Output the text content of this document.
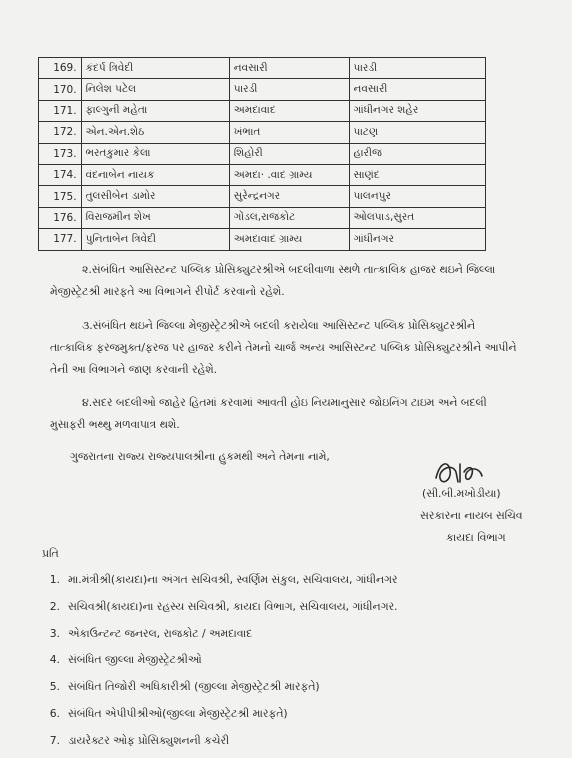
169.	કંદર્પ ત્રિવેદી	નવસારી	પારડી
170.	નિલેશ પટેલ	પારડી	નવસારી
171.	ફાલ્ગુની મહેતા	અમદાવાદ	ગાંધીનગર શહેર
172.	એન.એન.શેઠ	ખંભાત	પાટણ
173.	ભરતકુમાર કેલા	શિહોરી	હારીજ
174.	વંદનાબેન નાયક	અમદા· .વાદ ગ્રામ્ય	સાણંદ
175.	તુલસીબેન ડામોર	સુરેન્દ્રનગર	પાલનપુર
176.	વિરાજમીન શેખ	ગોંડલ,રાજકોટ	ઓલપાડ,સુરત
177.	પુનિતાબેન ત્રિવેદી	અમદાવાદ ગ્રામ્ય	ગાંધીનગર

૨.સંબંધિત આસિસ્ટન્ટ પબ્લિક પ્રોસિક્યુટરશ્રીએ બદલીવાળા સ્થળે તાત્કાલિક હાજર થઇને જિલ્લા મેજીસ્ટ્રેટશ્રી મારફતે આ વિભાગને રીપોર્ટ કરવાનો રહેશે.

૩.સંબંધિત થઇને જિલ્લા મેજીસ્ટ્રેટશ્રીએ બદલી કરાયેલા આસિસ્ટન્ટ પબ્લિક પ્રોસિક્યુટરશ્રીને તાત્કાલિક ફરજમુક્ત/ફરજ પર હાજર કરીને તેમનો ચાર્જ અન્ય આસિસ્ટન્ટ પબ્લિક પ્રોસિક્યુટરશ્રીને આપીને તેની આ વિભાગને જાણ કરવાની રહેશે.

૪.સદર બદલીઓ જાહેર હિતમાં કરવામાં આવતી હોઇ નિયમાનુસાર જોઇનિંગ ટાઇમ અને બદલી મુસાફરી ભથ્થુ મળવાપાત્ર થશે.

ગુજરાતના રાજ્ય રાજ્યપાલશ્રીના હુકમથી અને તેમના નામે,

(સી.બી.મખોડીયા)
સરકારના નાયબ સચિવ
કાયદા વિભાગ
પ્રતિ
1. મા.મંત્રીશ્રી(કાયદા)ના અંગત સચિવશ્રી, સ્વર્ણિમ સંકુલ, સચિવાલય, ગાંધીનગર
2. સચિવશ્રી(કાયદા)ના રહસ્ય સચિવશ્રી, કાયદા વિભાગ, સચિવાલય, ગાંધીનગર.
3. એકાઉન્ટન્ટ જનરલ, રાજકોટ / અમદાવાદ
4. સંબંધિત જીલ્લા મેજીસ્ટ્રેટશ્રીઓ
5. સંબંધિત તિજોરી અધિકારીશ્રી (જીલ્લા મેજીસ્ટ્રેટશ્રી મારફતે)
6. સંબંધિત એપીપીશ્રીઓ(જીલ્લા મેજીસ્ટ્રેટશ્રી મારફતે)
7. ડાયરેક્ટર ઓફ પ્રોસિક્યુશનની કચેરી
